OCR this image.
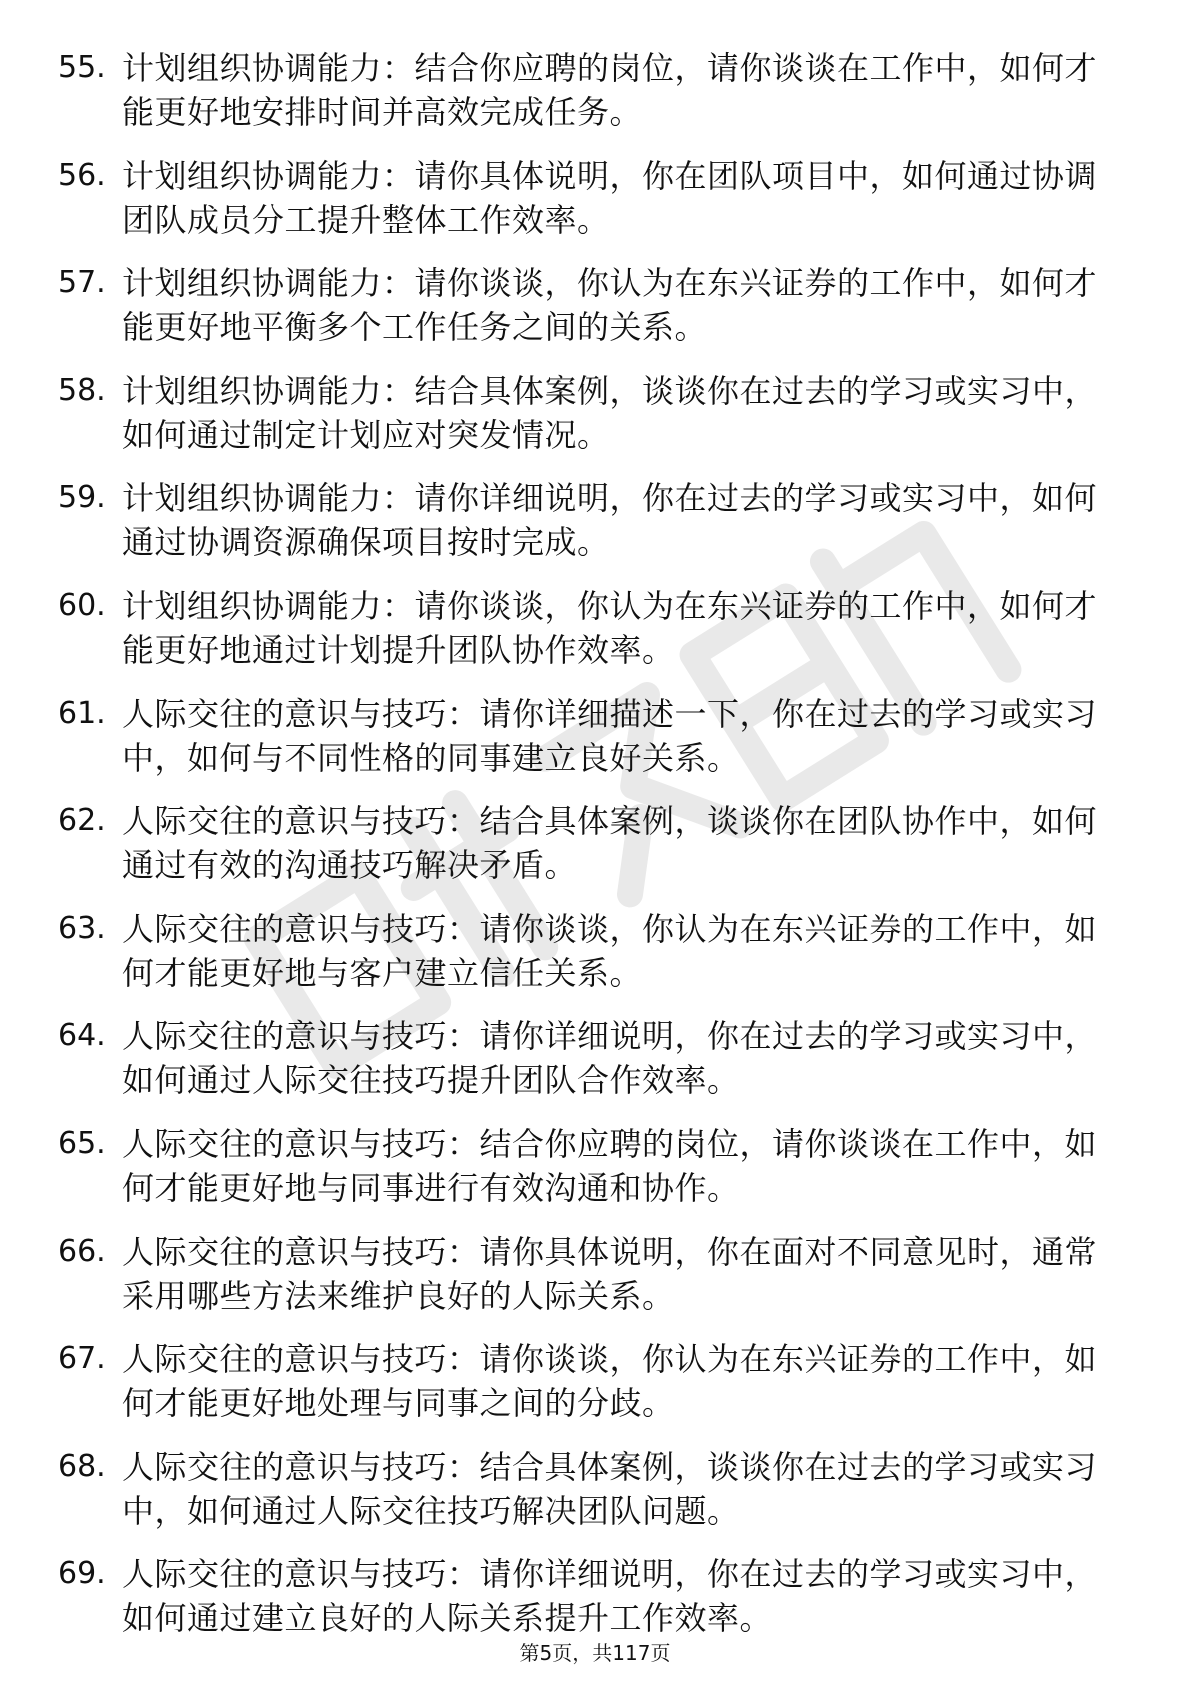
55. 计划组织协调能力：结合你应聘的岗位，请你谈谈在工作中，如何才能更好地安排时间并高效完成任务。
56. 计划组织协调能力：请你具体说明，你在团队项目中，如何通过协调团队成员分工提升整体工作效率。
57. 计划组织协调能力：请你谈谈，你认为在东兴证券的工作中，如何才能更好地平衡多个工作任务之间的关系。
58. 计划组织协调能力：结合具体案例，谈谈你在过去的学习或实习中，如何通过制定计划应对突发情况。
59. 计划组织协调能力：请你详细说明，你在过去的学习或实习中，如何通过协调资源确保项目按时完成。
60. 计划组织协调能力：请你谈谈，你认为在东兴证券的工作中，如何才能更好地通过计划提升团队协作效率。
61. 人际交往的意识与技巧：请你详细描述一下，你在过去的学习或实习中，如何与不同性格的同事建立良好关系。
62. 人际交往的意识与技巧：结合具体案例，谈谈你在团队协作中，如何通过有效的沟通技巧解决矛盾。
63. 人际交往的意识与技巧：请你谈谈，你认为在东兴证券的工作中，如何才能更好地与客户建立信任关系。
64. 人际交往的意识与技巧：请你详细说明，你在过去的学习或实习中，如何通过人际交往技巧提升团队合作效率。
65. 人际交往的意识与技巧：结合你应聘的岗位，请你谈谈在工作中，如何才能更好地与同事进行有效沟通和协作。
66. 人际交往的意识与技巧：请你具体说明，你在面对不同意见时，通常采用哪些方法来维护良好的人际关系。
67. 人际交往的意识与技巧：请你谈谈，你认为在东兴证券的工作中，如何才能更好地处理与同事之间的分歧。
68. 人际交往的意识与技巧：结合具体案例，谈谈你在过去的学习或实习中，如何通过人际交往技巧解决团队问题。
69. 人际交往的意识与技巧：请你详细说明，你在过去的学习或实习中，如何通过建立良好的人际关系提升工作效率。
第5页，共117页
